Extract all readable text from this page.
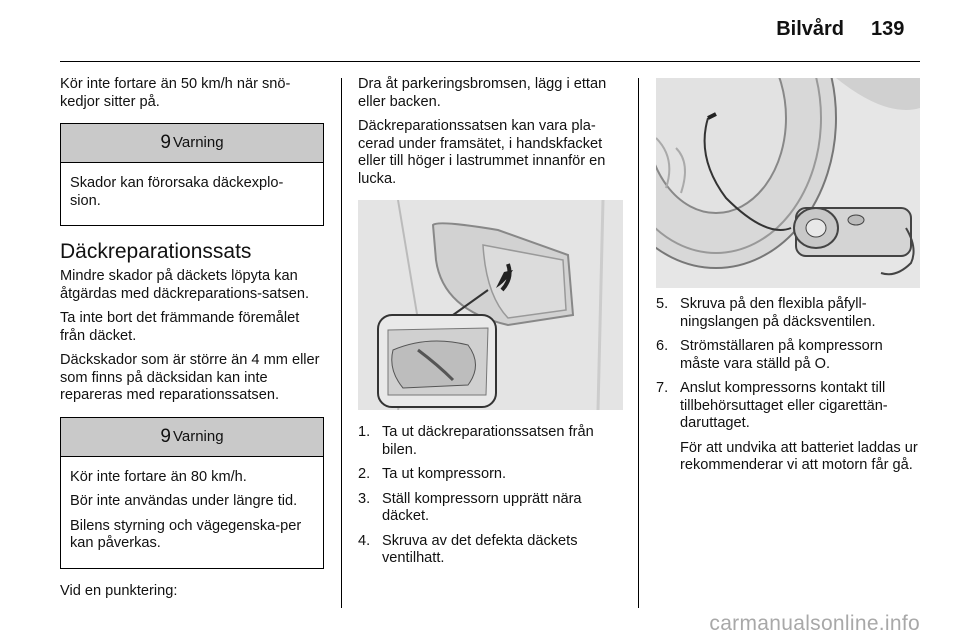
Bilvård 139

Kör inte fortare än 50 km/h när snö-kedjor sitter på.

9 Varning

Skador kan förorsaka däckexplo-sion.

Däckreparationssats

Mindre skador på däckets löpyta kan åtgärdas med däckreparations-satsen.

Ta inte bort det främmande föremålet från däcket.

Däckskador som är större än 4 mm eller som finns på däcksidan kan inte repareras med reparationssatsen.

9 Varning

Kör inte fortare än 80 km/h.

Bör inte användas under längre tid.

Bilens styrning och vägegenska-per kan påverkas.

Vid en punktering:

Dra åt parkeringsbromsen, lägg i ettan eller backen.

Däckreparationssatsen kan vara pla-cerad under framsätet, i handskfacket eller till höger i lastrummet innanför en lucka.

1. Ta ut däckreparationssatsen från bilen.
2. Ta ut kompressorn.
3. Ställ kompressorn upprätt nära däcket.
4. Skruva av det defekta däckets ventilhatt.
5. Skruva på den flexibla påfyll-ningslangen på däcksventilen.
6. Strömställaren på kompressorn måste vara ställd på O.
7. Anslut kompressorns kontakt till tillbehörsuttaget eller cigarettän-daruttaget.

För att undvika att batteriet laddas ur rekommenderar vi att motorn får gå.

carmanualsonline.info
